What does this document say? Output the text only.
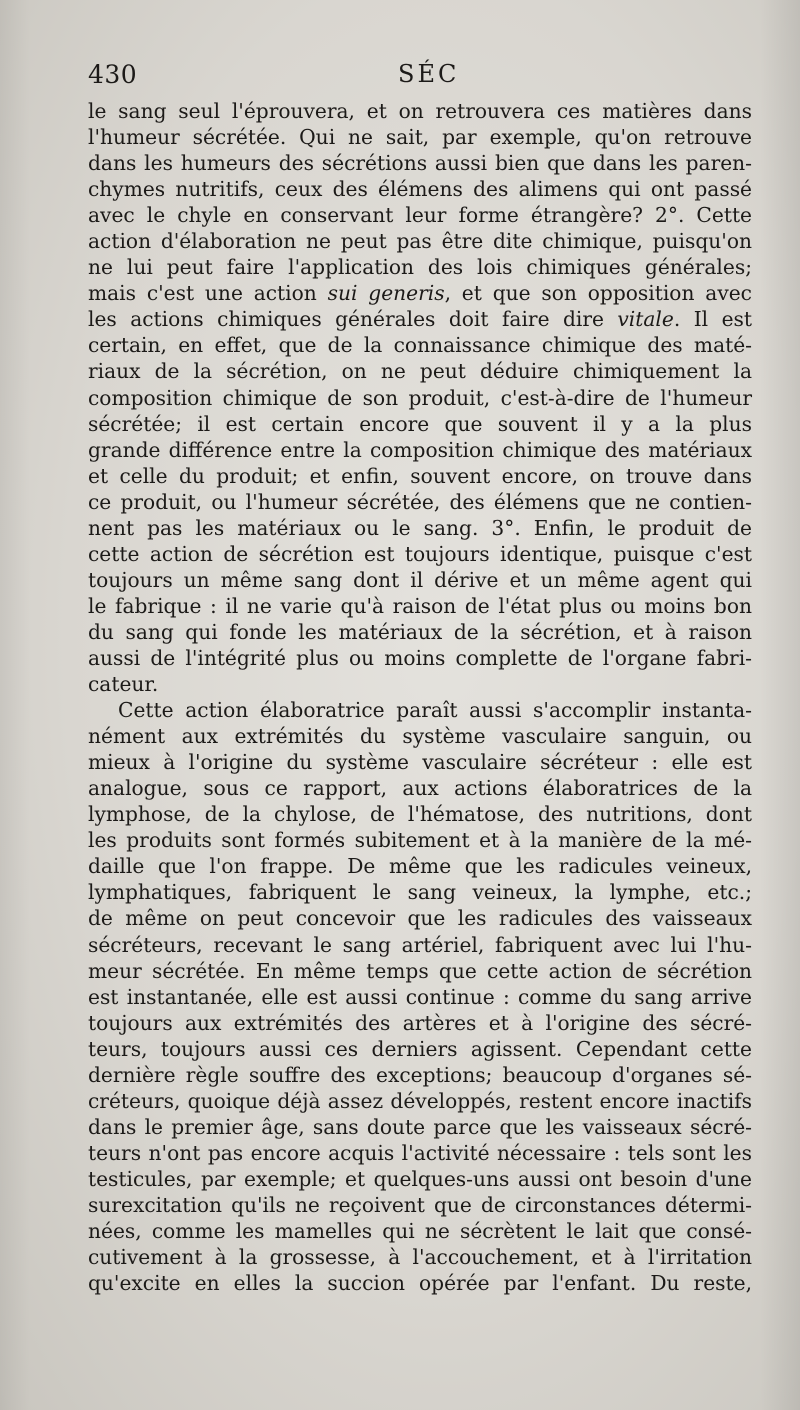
430	SÉC
le sang seul l'éprouvera, et on retrouvera ces matières dans
l'humeur sécrétée. Qui ne sait, par exemple, qu'on retrouve
dans les humeurs des sécrétions aussi bien que dans les paren-
chymes nutritifs, ceux des élémens des alimens qui ont passé
avec le chyle en conservant leur forme étrangère? 2°. Cette
action d'élaboration ne peut pas être dite chimique, puisqu'on
ne lui peut faire l'application des lois chimiques générales;
mais c'est une action sui generis, et que son opposition avec
les actions chimiques générales doit faire dire vitale. Il est
certain, en effet, que de la connaissance chimique des maté-
riaux de la sécrétion, on ne peut déduire chimiquement la
composition chimique de son produit, c'est-à-dire de l'humeur
sécrétée; il est certain encore que souvent il y a la plus
grande différence entre la composition chimique des matériaux
et celle du produit; et enfin, souvent encore, on trouve dans
ce produit, ou l'humeur sécrétée, des élémens que ne contien-
nent pas les matériaux ou le sang. 3°. Enfin, le produit de
cette action de sécrétion est toujours identique, puisque c'est
toujours un même sang dont il dérive et un même agent qui
le fabrique : il ne varie qu'à raison de l'état plus ou moins bon
du sang qui fonde les matériaux de la sécrétion, et à raison
aussi de l'intégrité plus ou moins complette de l'organe fabri-
cateur.
Cette action élaboratrice paraît aussi s'accomplir instanta-
nément aux extrémités du système vasculaire sanguin, ou
mieux à l'origine du système vasculaire sécréteur : elle est
analogue, sous ce rapport, aux actions élaboratrices de la
lymphose, de la chylose, de l'hématose, des nutritions, dont
les produits sont formés subitement et à la manière de la mé-
daille que l'on frappe. De même que les radicules veineux,
lymphatiques, fabriquent le sang veineux, la lymphe, etc.;
de même on peut concevoir que les radicules des vaisseaux
sécréteurs, recevant le sang artériel, fabriquent avec lui l'hu-
meur sécrétée. En même temps que cette action de sécrétion
est instantanée, elle est aussi continue : comme du sang arrive
toujours aux extrémités des artères et à l'origine des sécré-
teurs, toujours aussi ces derniers agissent. Cependant cette
dernière règle souffre des exceptions; beaucoup d'organes sé-
créteurs, quoique déjà assez développés, restent encore inactifs
dans le premier âge, sans doute parce que les vaisseaux sécré-
teurs n'ont pas encore acquis l'activité nécessaire : tels sont les
testicules, par exemple; et quelques-uns aussi ont besoin d'une
surexcitation qu'ils ne reçoivent que de circonstances détermi-
nées, comme les mamelles qui ne sécrètent le lait que consé-
cutivement à la grossesse, à l'accouchement, et à l'irritation
qu'excite en elles la succion opérée par l'enfant. Du reste,
